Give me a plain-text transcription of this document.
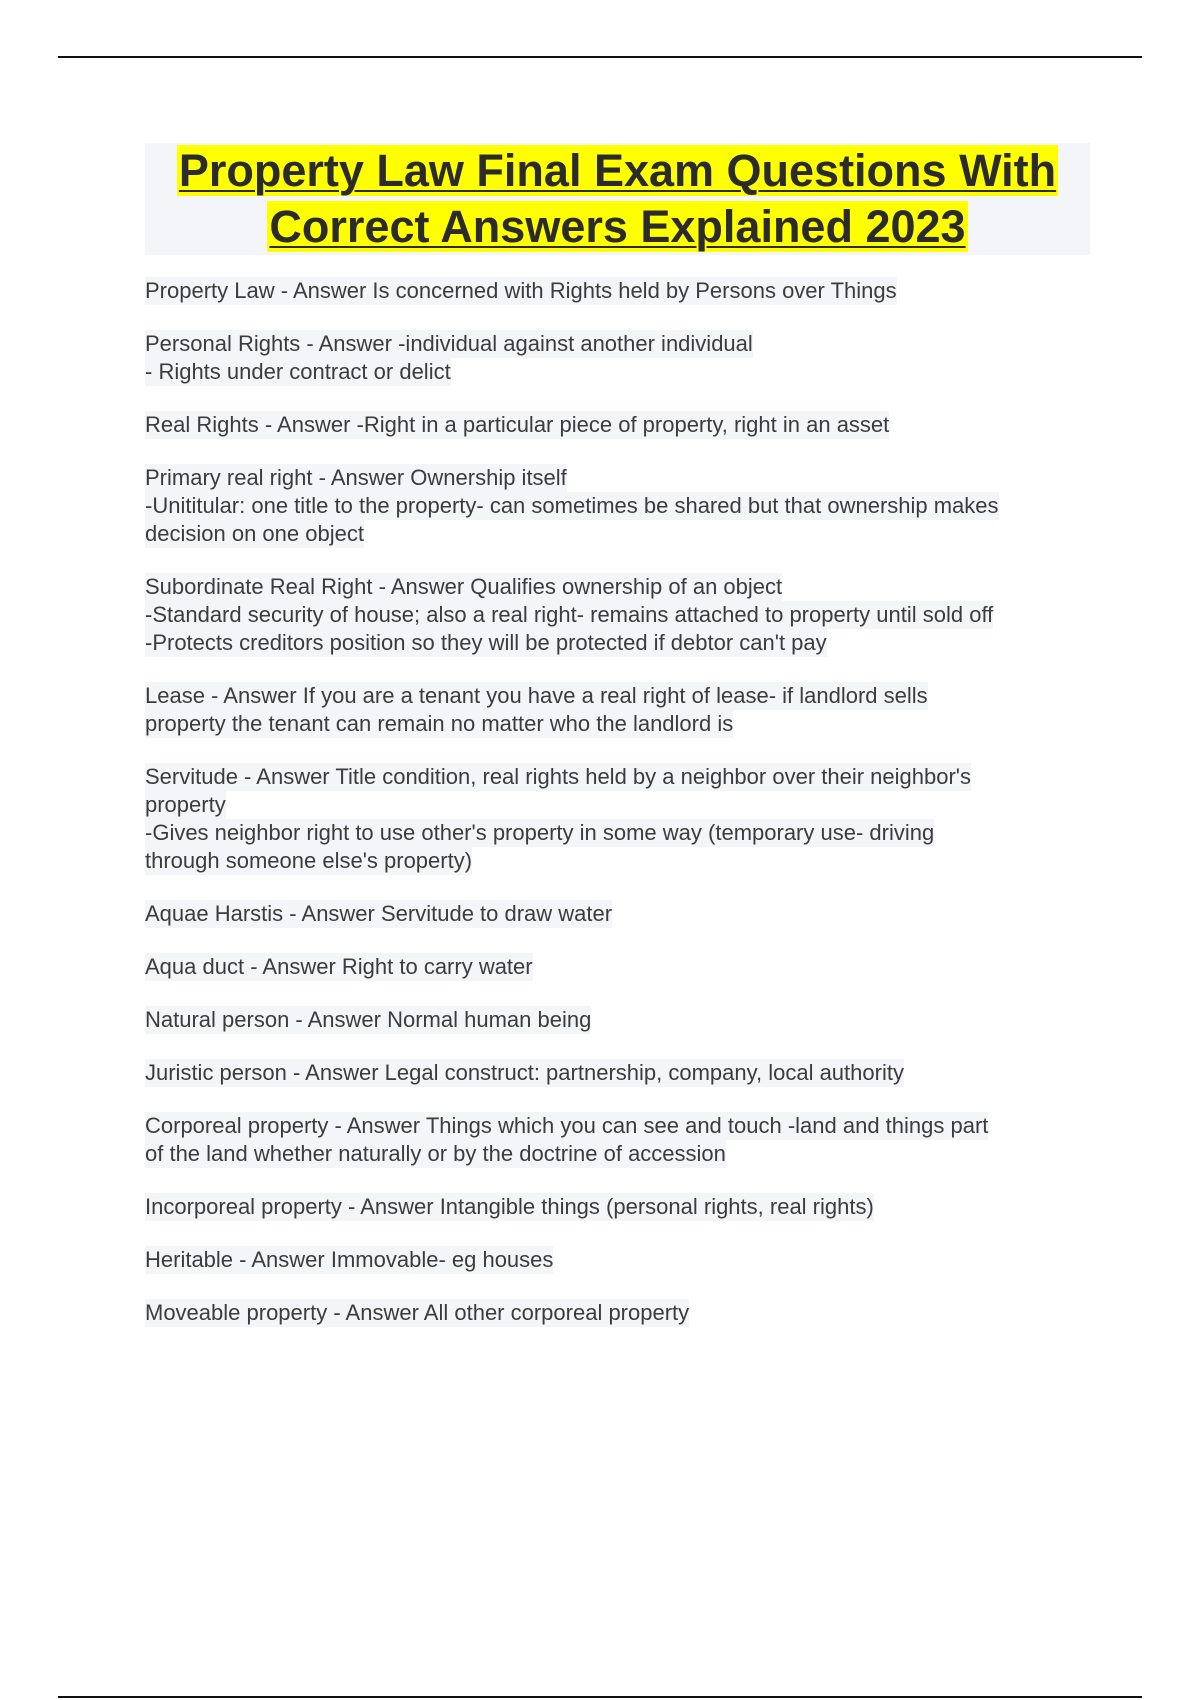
Property Law Final Exam Questions With
Correct Answers Explained 2023
Property Law - Answer Is concerned with Rights held by Persons over Things
Personal Rights - Answer -individual against another individual
- Rights under contract or delict
Real Rights - Answer -Right in a particular piece of property, right in an asset
Primary real right - Answer Ownership itself
-Unititular: one title to the property- can sometimes be shared but that ownership makes
decision on one object
Subordinate Real Right - Answer Qualifies ownership of an object
-Standard security of house; also a real right- remains attached to property until sold off
-Protects creditors position so they will be protected if debtor can't pay
Lease - Answer If you are a tenant you have a real right of lease- if landlord sells
property the tenant can remain no matter who the landlord is
Servitude - Answer Title condition, real rights held by a neighbor over their neighbor's
property
-Gives neighbor right to use other's property in some way (temporary use- driving
through someone else's property)
Aquae Harstis - Answer Servitude to draw water
Aqua duct - Answer Right to carry water
Natural person - Answer Normal human being
Juristic person - Answer Legal construct: partnership, company, local authority
Corporeal property - Answer Things which you can see and touch -land and things part
of the land whether naturally or by the doctrine of accession
Incorporeal property - Answer Intangible things (personal rights, real rights)
Heritable - Answer Immovable- eg houses
Moveable property - Answer All other corporeal property
